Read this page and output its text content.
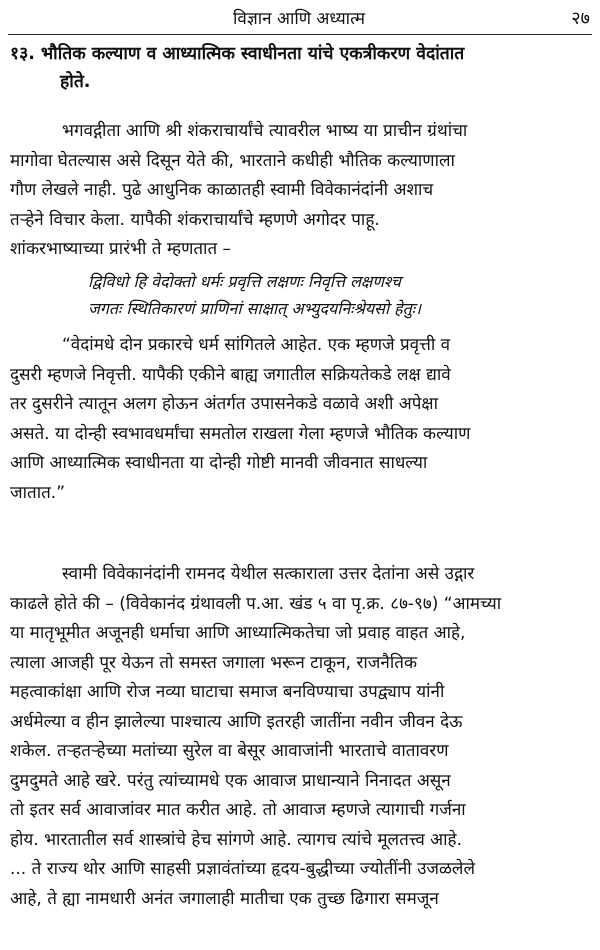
विज्ञान आणि अध्यात्म	२७
१३. भौतिक कल्याण व आध्यात्मिक स्वाधीनता यांचे एकत्रीकरण वेदांतात
होते.
भगवद्गीता आणि श्री शंकराचार्यांचे त्यावरील भाष्य या प्राचीन ग्रंथांचा
मागोवा घेतल्यास असे दिसून येते की, भारताने कधीही भौतिक कल्याणाला
गौण लेखले नाही. पुढे आधुनिक काळातही स्वामी विवेकानंदांनी अशाच
तऱ्हेने विचार केला. यापैकी शंकराचार्यांचे म्हणणे अगोदर पाहू.
शांकरभाष्याच्या प्रारंभी ते म्हणतात –
द्विविधो हि वेदोक्तो धर्मः प्रवृत्ति लक्षणः निवृत्ति लक्षणश्च
जगतः स्थितिकारणं प्राणिनां साक्षात् अभ्युदयनिःश्रेयसो हेतुः।
“वेदांमधे दोन प्रकारचे धर्म सांगितले आहेत. एक म्हणजे प्रवृत्ती व
दुसरी म्हणजे निवृत्ती. यापैकी एकीने बाह्य जगातील सक्रियतेकडे लक्ष द्यावे
तर दुसरीने त्यातून अलग होऊन अंतर्गत उपासनेकडे वळावे अशी अपेक्षा
असते. या दोन्ही स्वभावधर्मांचा समतोल राखला गेला म्हणजे भौतिक कल्याण
आणि आध्यात्मिक स्वाधीनता या दोन्ही गोष्टी मानवी जीवनात साधल्या
जातात.”
स्वामी विवेकानंदांनी रामनद येथील सत्काराला उत्तर देतांना असे उद्गार
काढले होते की – (विवेकानंद ग्रंथावली प.आ. खंड ५ वा पृ.क्र. ८७-९७) “आमच्या
या मातृभूमीत अजूनही धर्माचा आणि आध्यात्मिकतेचा जो प्रवाह वाहत आहे,
त्याला आजही पूर येऊन तो समस्त जगाला भरून टाकून, राजनैतिक
महत्वाकांक्षा आणि रोज नव्या घाटाचा समाज बनविण्याचा उपद्व्याप यांनी
अर्धमेल्या व हीन झालेल्या पाश्चात्य आणि इतरही जातींना नवीन जीवन देऊ
शकेल. तऱ्हतऱ्हेच्या मतांच्या सुरेल वा बेसूर आवाजांनी भारताचे वातावरण
दुमदुमते आहे खरे. परंतु त्यांच्यामधे एक आवाज प्राधान्याने निनादत असून
तो इतर सर्व आवाजांवर मात करीत आहे. तो आवाज म्हणजे त्यागाची गर्जना
होय. भारतातील सर्व शास्त्रांचे हेच सांगणे आहे. त्यागच त्यांचे मूलतत्त्व आहे.
... ते राज्य थोर आणि साहसी प्रज्ञावंतांच्या हृदय-बुद्धीच्या ज्योतींनी उजळलेले
आहे, ते ह्या नामधारी अनंत जगालाही मातीचा एक तुच्छ ढिगारा समजून
